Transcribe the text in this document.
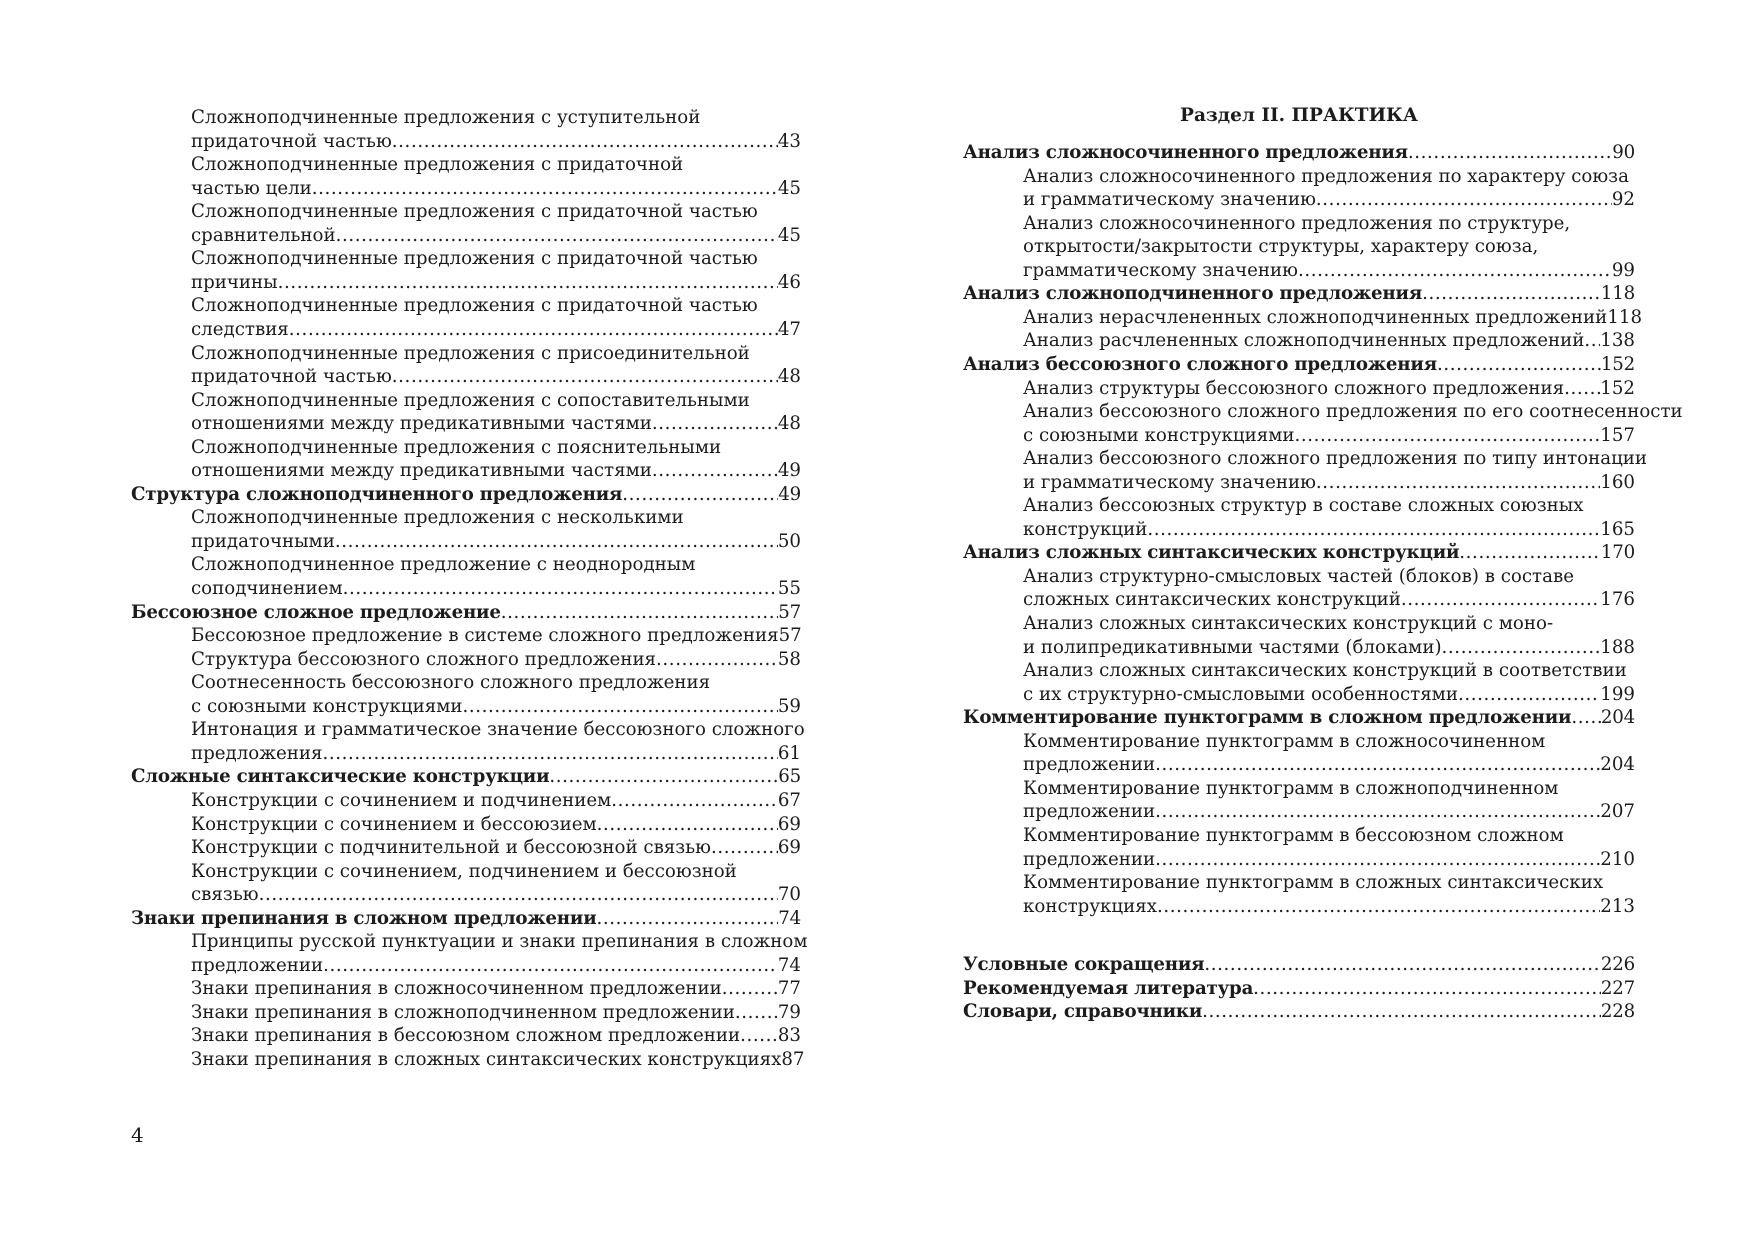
Сложноподчиненные предложения с уступительной
придаточной частью .....	43
Сложноподчиненные предложения с придаточной
частью цели .....	45
Сложноподчиненные предложения с придаточной частью
сравнительной .....	45
Сложноподчиненные предложения с придаточной частью
причины .....	46
Сложноподчиненные предложения с придаточной частью
следствия .....	47
Сложноподчиненные предложения с присоединительной
придаточной частью .....	48
Сложноподчиненные предложения с сопоставительными
отношениями между предикативными частями .....	48
Сложноподчиненные предложения с пояснительными
отношениями между предикативными частями .....	49
Структура сложноподчиненного предложения .....	49
Сложноподчиненные предложения с несколькими
придаточными .....	50
Сложноподчиненное предложение с неоднородным
соподчинением .....	55
Бессоюзное сложное предложение .....	57
Бессоюзное предложение в системе сложного предложения 57
Структура бессоюзного сложного предложения .....	58
Соотнесенность бессоюзного сложного предложения
с союзными конструкциями .....	59
Интонация и грамматическое значение бессоюзного сложного
предложения .....	61
Сложные синтаксические конструкции .....	65
Конструкции с сочинением и подчинением .....	67
Конструкции с сочинением и бессоюзием .....	69
Конструкции с подчинительной и бессоюзной связью .....	69
Конструкции с сочинением, подчинением и бессоюзной
связью .....	70
Знаки препинания в сложном предложении .....	74
Принципы русской пунктуации и знаки препинания в сложном
предложении .....	74
Знаки препинания в сложносочиненном предложении .....	77
Знаки препинания в сложноподчиненном предложении ..... 79
Знаки препинания в бессоюзном сложном предложении ..... 83
Знаки препинания в сложных синтаксических конструкциях 87
Раздел II. ПРАКТИКА
Анализ сложносочиненного предложения .....	90
Анализ сложносочиненного предложения по характеру союза
и грамматическому значению .....	92
Анализ сложносочиненного предложения по структуре,
открытости/закрытости структуры, характеру союза,
грамматическому значению .....	99
Анализ сложноподчиненного предложения .....	118
Анализ нерасчлененных сложноподчиненных предложений 118
Анализ расчлененных сложноподчиненных предложений ..... 138
Анализ бессоюзного сложного предложения .....	152
Анализ структуры бессоюзного сложного предложения ..... 152
Анализ бессоюзного сложного предложения по его соотнесенности
с союзными конструкциями .....	157
Анализ бессоюзного сложного предложения по типу интонации
и грамматическому значению .....	160
Анализ бессоюзных структур в составе сложных союзных
конструкций .....	165
Анализ сложных синтаксических конструкций .....	170
Анализ структурно-смысловых частей (блоков) в составе
сложных синтаксических конструкций .....	176
Анализ сложных синтаксических конструкций с моно-
и полипредикативными частями (блоками) .....	188
Анализ сложных синтаксических конструкций в соответствии
с их структурно-смысловыми особенностями .....	199
Комментирование пунктограмм в сложном предложении ..... 204
Комментирование пунктограмм в сложносочиненном
предложении .....	204
Комментирование пунктограмм в сложноподчиненном
предложении .....	207
Комментирование пунктограмм в бессоюзном сложном
предложении .....	210
Комментирование пунктограмм в сложных синтаксических
конструкциях .....	213
Условные сокращения .....	226
Рекомендуемая литература .....	227
Словари, справочники .....	228
4
